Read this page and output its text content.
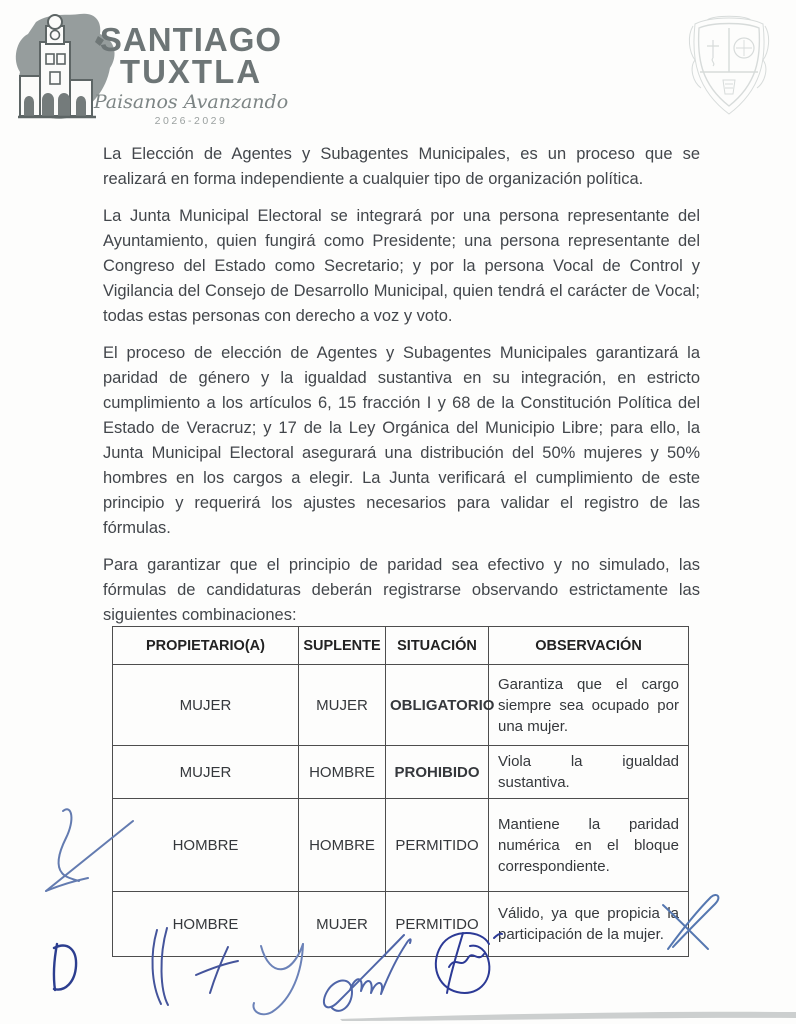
SANTIAGO
TUXTLA
Paisanos Avanzando
2026-2029

La Elección de Agentes y Subagentes Municipales, es un proceso que se realizará en forma independiente a cualquier tipo de organización política.

La Junta Municipal Electoral se integrará por una persona representante del Ayuntamiento, quien fungirá como Presidente; una persona representante del Congreso del Estado como Secretario; y por la persona Vocal de Control y Vigilancia del Consejo de Desarrollo Municipal, quien tendrá el carácter de Vocal; todas estas personas con derecho a voz y voto.

El proceso de elección de Agentes y Subagentes Municipales garantizará la paridad de género y la igualdad sustantiva en su integración, en estricto cumplimiento a los artículos 6, 15 fracción I y 68 de la Constitución Política del Estado de Veracruz; y 17 de la Ley Orgánica del Municipio Libre; para ello, la Junta Municipal Electoral asegurará una distribución del 50% mujeres y 50% hombres en los cargos a elegir. La Junta verificará el cumplimiento de este principio y requerirá los ajustes necesarios para validar el registro de las fórmulas.

Para garantizar que el principio de paridad sea efectivo y no simulado, las fórmulas de candidaturas deberán registrarse observando estrictamente las siguientes combinaciones:

PROPIETARIO(A)	SUPLENTE	SITUACIÓN	OBSERVACIÓN
MUJER	MUJER	OBLIGATORIO	Garantiza que el cargo siempre sea ocupado por una mujer.
MUJER	HOMBRE	PROHIBIDO	Viola la igualdad sustantiva.
HOMBRE	HOMBRE	PERMITIDO	Mantiene la paridad numérica en el bloque correspondiente.
HOMBRE	MUJER	PERMITIDO	Válido, ya que propicia la participación de la mujer.
